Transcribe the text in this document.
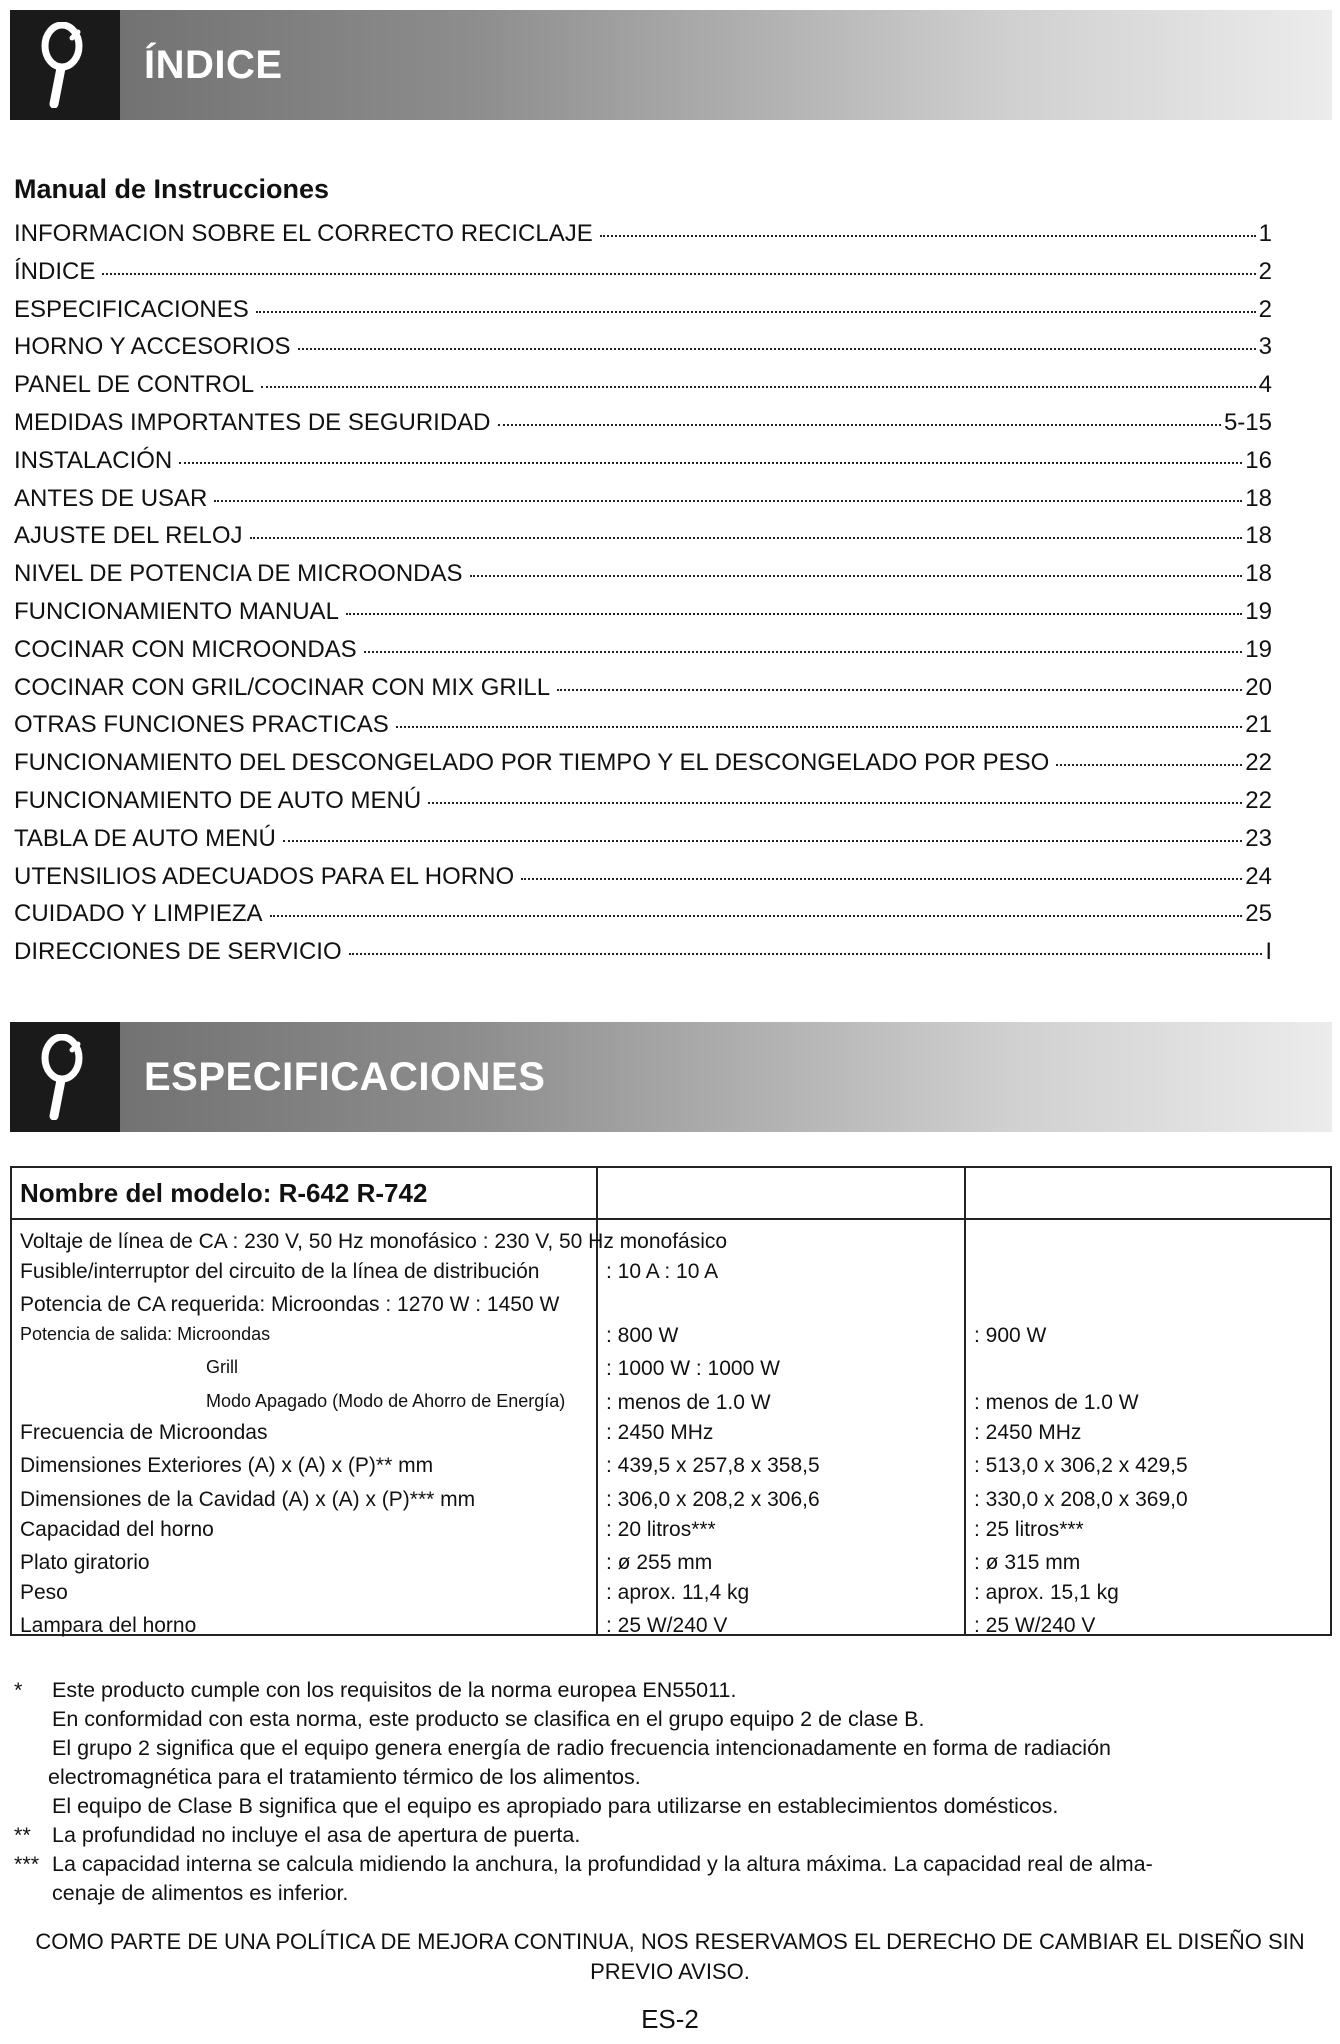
ÍNDICE
Manual de Instrucciones
INFORMACION SOBRE EL CORRECTO RECICLAJE	1
ÍNDICE	2
ESPECIFICACIONES	2
HORNO Y ACCESORIOS	3
PANEL DE CONTROL	4
MEDIDAS IMPORTANTES DE SEGURIDAD	5-15
INSTALACIÓN	16
ANTES DE USAR	18
AJUSTE DEL RELOJ	18
NIVEL DE POTENCIA DE MICROONDAS	18
FUNCIONAMIENTO MANUAL	19
COCINAR CON MICROONDAS	19
COCINAR CON GRIL/COCINAR CON MIX GRILL	20
OTRAS FUNCIONES PRACTICAS	21
FUNCIONAMIENTO DEL DESCONGELADO POR TIEMPO Y EL DESCONGELADO POR PESO	22
FUNCIONAMIENTO DE AUTO MENÚ	22
TABLA DE AUTO MENÚ	23
UTENSILIOS ADECUADOS PARA EL HORNO	24
CUIDADO Y LIMPIEZA	25
DIRECCIONES DE SERVICIO	I
ESPECIFICACIONES
Nombre del modelo: R-642 R-742
Voltaje de línea de CA : 230 V, 50 Hz monofásico : 230 V, 50 Hz monofásico
Fusible/interruptor del circuito de la línea de distribución	: 10 A : 10 A
Potencia de CA requerida: Microondas : 1270 W : 1450 W
Potencia de salida: Microondas	: 800 W	: 900 W
Grill	: 1000 W : 1000 W
Modo Apagado (Modo de Ahorro de Energía) : menos de 1.0 W	: menos de 1.0 W
Frecuencia de Microondas	: 2450 MHz	: 2450 MHz
Dimensiones Exteriores (A) x (A) x (P)** mm	: 439,5 x 257,8 x 358,5	: 513,0 x 306,2 x 429,5
Dimensiones de la Cavidad (A) x (A) x (P)*** mm	: 306,0 x 208,2 x 306,6	: 330,0 x 208,0 x 369,0
Capacidad del horno	: 20 litros***	: 25 litros***
Plato giratorio	: ø 255 mm	: ø 315 mm
Peso	: aprox. 11,4 kg	: aprox. 15,1 kg
Lampara del horno	: 25 W/240 V	: 25 W/240 V
* Este producto cumple con los requisitos de la norma europea EN55011.
En conformidad con esta norma, este producto se clasifica en el grupo equipo 2 de clase B.
El grupo 2 significa que el equipo genera energía de radio frecuencia intencionadamente en forma de radiación
electromagnética para el tratamiento térmico de los alimentos.
El equipo de Clase B significa que el equipo es apropiado para utilizarse en establecimientos domésticos.
** La profundidad no incluye el asa de apertura de puerta.
*** La capacidad interna se calcula midiendo la anchura, la profundidad y la altura máxima. La capacidad real de alma-
cenaje de alimentos es inferior.
COMO PARTE DE UNA POLÍTICA DE MEJORA CONTINUA, NOS RESERVAMOS EL DERECHO DE CAMBIAR EL DISEÑO SIN
PREVIO AVISO.
ES-2
